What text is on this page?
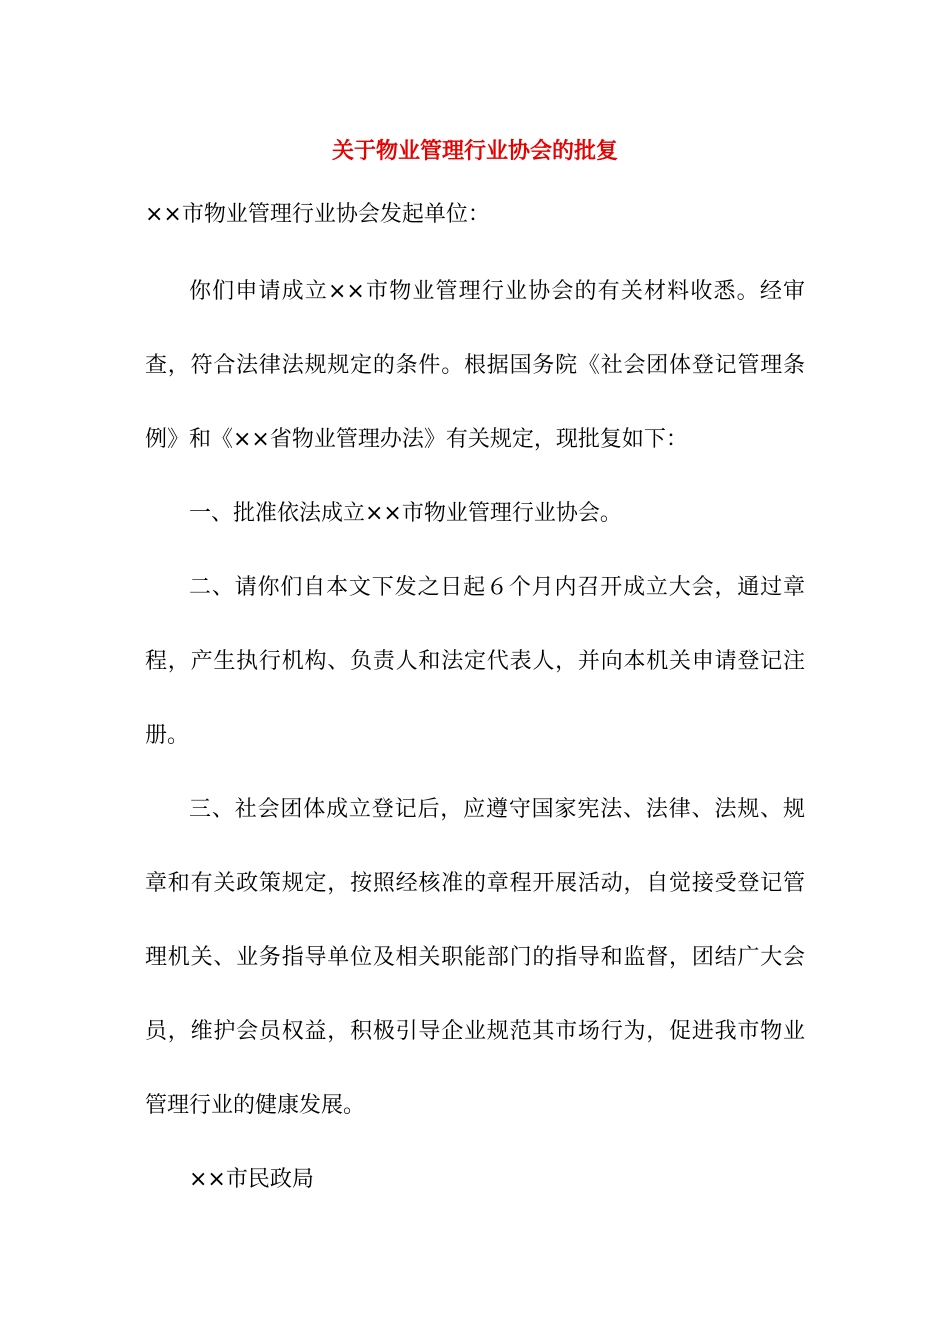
关于物业管理行业协会的批复

××市物业管理行业协会发起单位：

你们申请成立××市物业管理行业协会的有关材料收悉。经审
查，符合法律法规规定的条件。根据国务院《社会团体登记管理条
例》和《××省物业管理办法》有关规定，现批复如下：
一、批准依法成立××市物业管理行业协会。
二、请你们自本文下发之日起６个月内召开成立大会，通过章
程，产生执行机构、负责人和法定代表人，并向本机关申请登记注
册。
三、社会团体成立登记后，应遵守国家宪法、法律、法规、规
章和有关政策规定，按照经核准的章程开展活动，自觉接受登记管
理机关、业务指导单位及相关职能部门的指导和监督，团结广大会
员，维护会员权益，积极引导企业规范其市场行为，促进我市物业
管理行业的健康发展。
××市民政局
